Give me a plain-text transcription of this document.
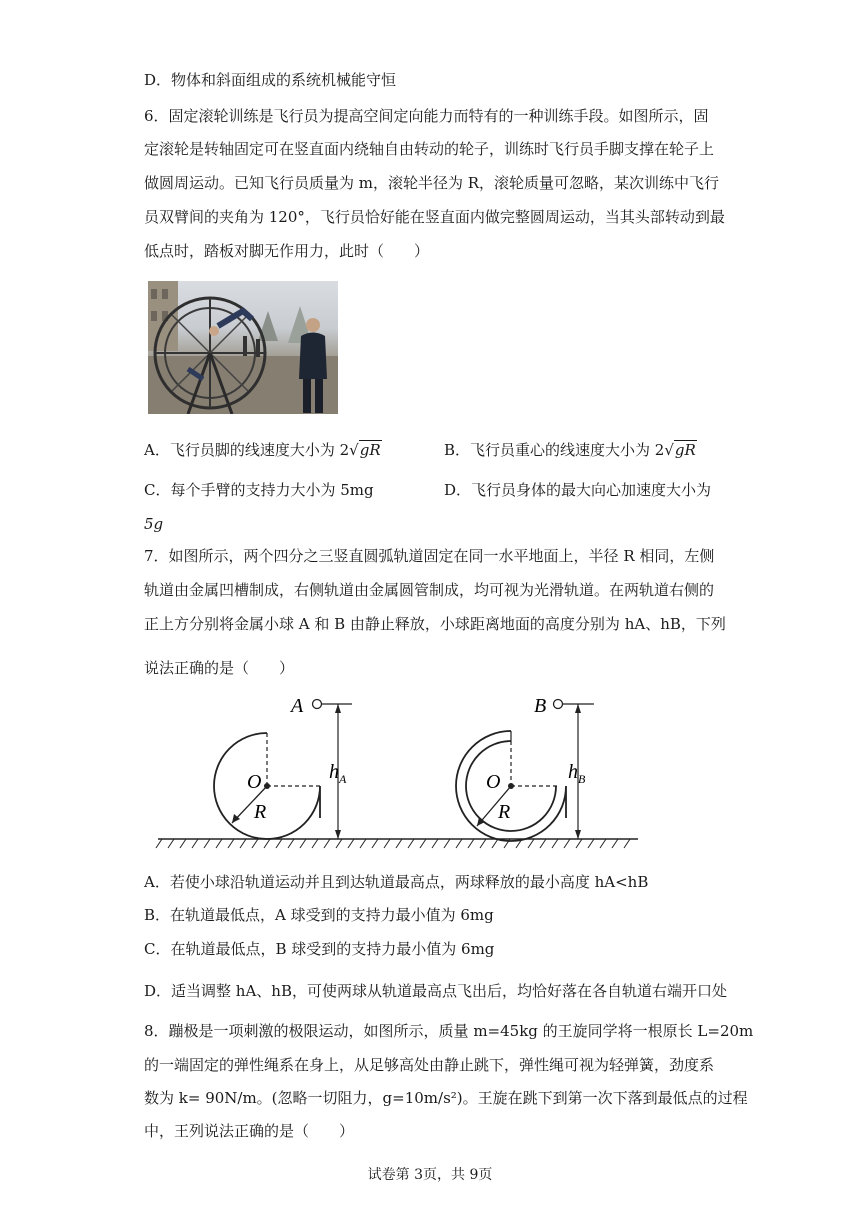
D．物体和斜面组成的系统机械能守恒
6．固定滚轮训练是飞行员为提高空间定向能力而特有的一种训练手段。如图所示，固
定滚轮是转轴固定可在竖直面内绕轴自由转动的轮子，训练时飞行员手脚支撑在轮子上
做圆周运动。已知飞行员质量为 m，滚轮半径为 R，滚轮质量可忽略，某次训练中飞行
员双臂间的夹角为 120°，飞行员恰好能在竖直面内做完整圆周运动，当其头部转动到最
低点时，踏板对脚无作用力，此时（　　）
A．飞行员脚的线速度大小为 2√gR	B．飞行员重心的线速度大小为 2√gR
C．每个手臂的支持力大小为 5mg	D．飞行员身体的最大向心加速度大小为
5g
7．如图所示，两个四分之三竖直圆弧轨道固定在同一水平地面上，半径 R 相同，左侧
轨道由金属凹槽制成，右侧轨道由金属圆管制成，均可视为光滑轨道。在两轨道右侧的
正上方分别将金属小球 A 和 B 由静止释放，小球距离地面的高度分别为 hA、hB，下列
说法正确的是（　　）
O
R
A
$h_A$	O
R
B
$h_B$
A．若使小球沿轨道运动并且到达轨道最高点，两球释放的最小高度 hA<hB
B．在轨道最低点，A 球受到的支持力最小值为 6mg
C．在轨道最低点，B 球受到的支持力最小值为 6mg
D．适当调整 hA、hB，可使两球从轨道最高点飞出后，均恰好落在各自轨道右端开口处
8．蹦极是一项刺激的极限运动，如图所示，质量 m=45kg 的王旋同学将一根原长 L=20m
的一端固定的弹性绳系在身上，从足够高处由静止跳下，弹性绳可视为轻弹簧，劲度系
数为 k= 90N/m。(忽略一切阻力，g=10m/s²)。王旋在跳下到第一次下落到最低点的过程
中，王列说法正确的是（　　）
试卷第 3页，共 9页
